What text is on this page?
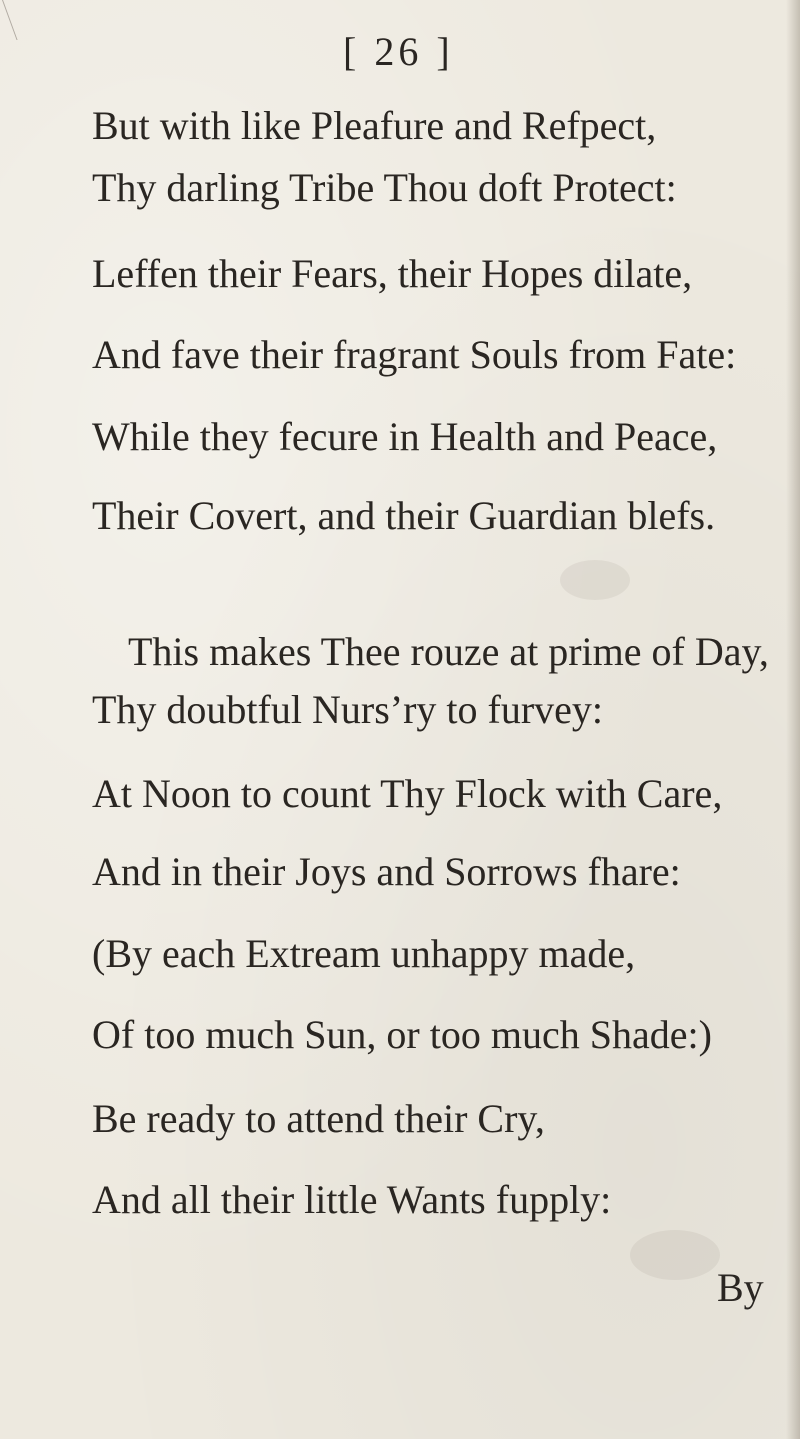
[ 26 ]
But with like Pleafure and Refpect,
Thy darling Tribe Thou doft Protect:
Leffen their Fears, their Hopes dilate,
And fave their fragrant Souls from Fate:
While they fecure in Health and Peace,
Their Covert, and their Guardian blefs.
This makes Thee rouze at prime of Day,
Thy doubtful Nurs’ry to furvey:
At Noon to count Thy Flock with Care,
And in their Joys and Sorrows fhare:
(By each Extream unhappy made,
Of too much Sun, or too much Shade:)
Be ready to attend their Cry,
And all their little Wants fupply:
By
